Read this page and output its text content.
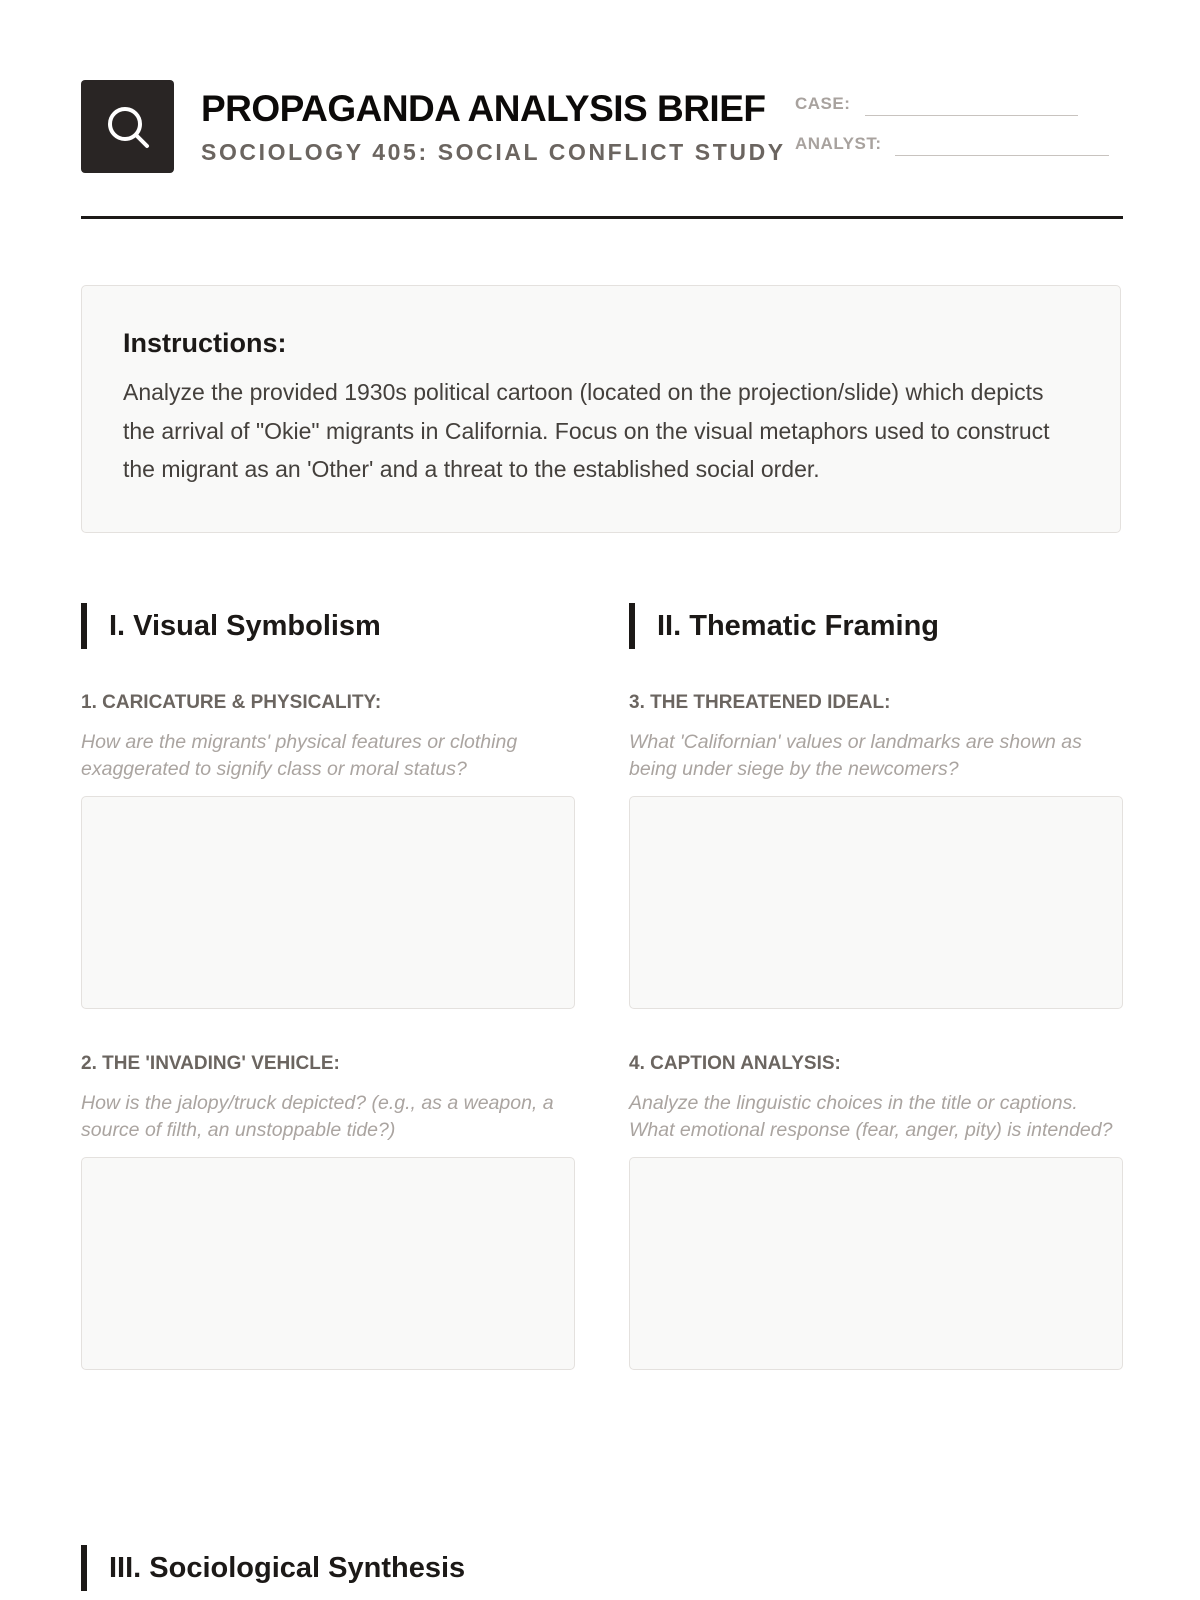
PROPAGANDA ANALYSIS BRIEF
SOCIOLOGY 405: SOCIAL CONFLICT STUDY
CASE:
ANALYST:
Instructions:

Analyze the provided 1930s political cartoon (located on the projection/slide) which depicts the arrival of "Okie" migrants in California. Focus on the visual metaphors used to construct the migrant as an 'Other' and a threat to the established social order.

I. Visual Symbolism
1. CARICATURE & PHYSICALITY:
How are the migrants' physical features or clothing exaggerated to signify class or moral status?
2. THE 'INVADING' VEHICLE:
How is the jalopy/truck depicted? (e.g., as a weapon, a source of filth, an unstoppable tide?)
II. Thematic Framing
3. THE THREATENED IDEAL:
What 'Californian' values or landmarks are shown as being under siege by the newcomers?
4. CAPTION ANALYSIS:
Analyze the linguistic choices in the title or captions. What emotional response (fear, anger, pity) is intended?
III. Sociological Synthesis
